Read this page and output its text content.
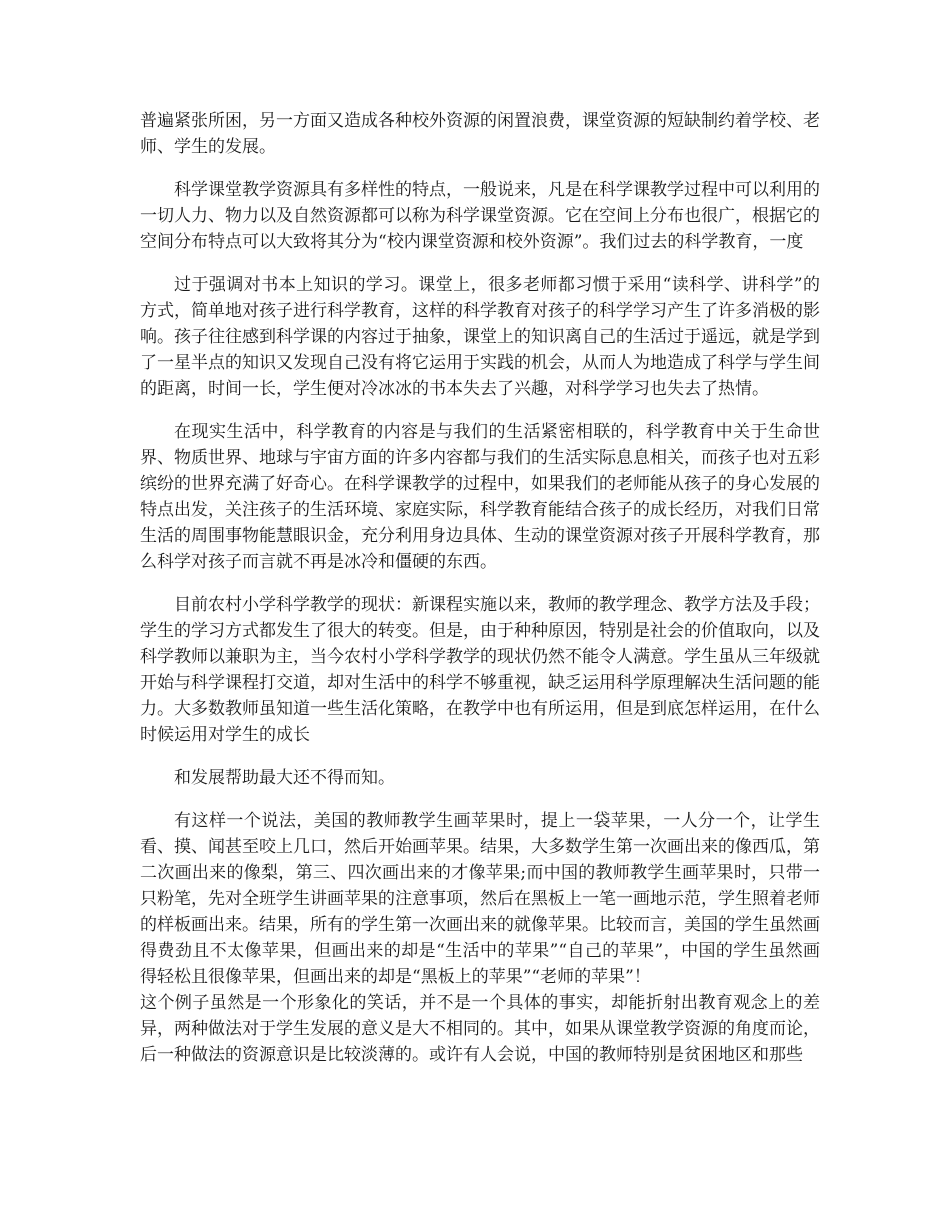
普遍紧张所困，另一方面又造成各种校外资源的闲置浪费，课堂资源的短缺制约着学校、老师、学生的发展。

科学课堂教学资源具有多样性的特点，一般说来，凡是在科学课教学过程中可以利用的一切人力、物力以及自然资源都可以称为科学课堂资源。它在空间上分布也很广，根据它的空间分布特点可以大致将其分为“校内课堂资源和校外资源”。我们过去的科学教育，一度

过于强调对书本上知识的学习。课堂上，很多老师都习惯于采用“读科学、讲科学”的方式，简单地对孩子进行科学教育，这样的科学教育对孩子的科学学习产生了许多消极的影响。孩子往往感到科学课的内容过于抽象，课堂上的知识离自己的生活过于遥远，就是学到了一星半点的知识又发现自己没有将它运用于实践的机会，从而人为地造成了科学与学生间的距离，时间一长，学生便对冷冰冰的书本失去了兴趣，对科学学习也失去了热情。

在现实生活中，科学教育的内容是与我们的生活紧密相联的，科学教育中关于生命世界、物质世界、地球与宇宙方面的许多内容都与我们的生活实际息息相关，而孩子也对五彩缤纷的世界充满了好奇心。在科学课教学的过程中，如果我们的老师能从孩子的身心发展的特点出发，关注孩子的生活环境、家庭实际，科学教育能结合孩子的成长经历，对我们日常生活的周围事物能慧眼识金，充分利用身边具体、生动的课堂资源对孩子开展科学教育，那么科学对孩子而言就不再是冰冷和僵硬的东西。

目前农村小学科学教学的现状：新课程实施以来，教师的教学理念、教学方法及手段；学生的学习方式都发生了很大的转变。但是，由于种种原因，特别是社会的价值取向，以及科学教师以兼职为主，当今农村小学科学教学的现状仍然不能令人满意。学生虽从三年级就开始与科学课程打交道，却对生活中的科学不够重视，缺乏运用科学原理解决生活问题的能力。大多数教师虽知道一些生活化策略，在教学中也有所运用，但是到底怎样运用，在什么时候运用对学生的成长

和发展帮助最大还不得而知。

有这样一个说法，美国的教师教学生画苹果时，提上一袋苹果，一人分一个，让学生看、摸、闻甚至咬上几口，然后开始画苹果。结果，大多数学生第一次画出来的像西瓜，第二次画出来的像梨，第三、四次画出来的才像苹果;而中国的教师教学生画苹果时，只带一只粉笔，先对全班学生讲画苹果的注意事项，然后在黑板上一笔一画地示范，学生照着老师的样板画出来。结果，所有的学生第一次画出来的就像苹果。比较而言，美国的学生虽然画得费劲且不太像苹果，但画出来的却是“生活中的苹果”“自己的苹果”，中国的学生虽然画得轻松且很像苹果，但画出来的却是“黑板上的苹果”“老师的苹果”！

这个例子虽然是一个形象化的笑话，并不是一个具体的事实，却能折射出教育观念上的差异，两种做法对于学生发展的意义是大不相同的。其中，如果从课堂教学资源的角度而论，后一种做法的资源意识是比较淡薄的。或许有人会说，中国的教师特别是贫困地区和那些
